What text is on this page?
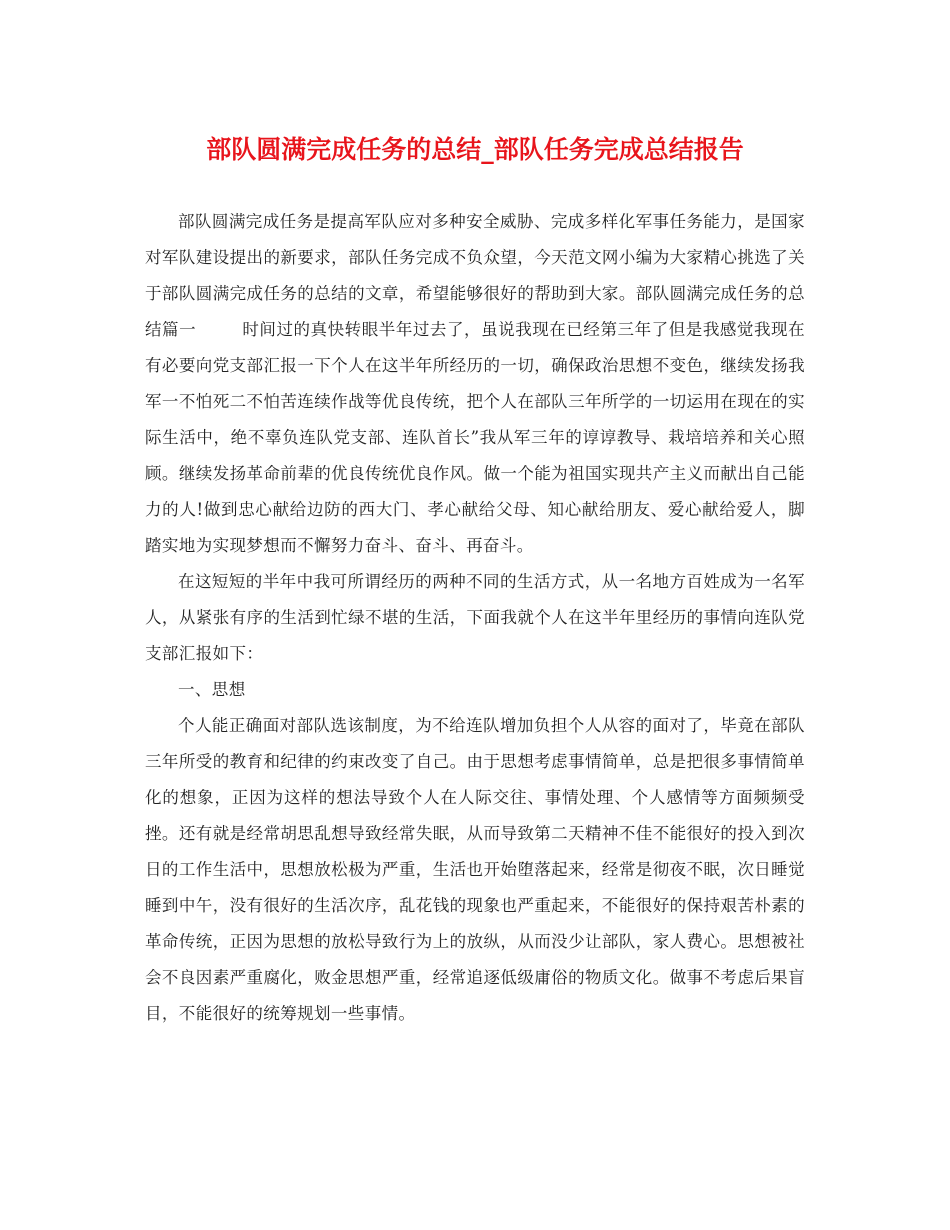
部队圆满完成任务的总结_部队任务完成总结报告

部队圆满完成任务是提高军队应对多种安全威胁、完成多样化军事任务能力，是国家对军队建设提出的新要求，部队任务完成不负众望，今天范文网小编为大家精心挑选了关于部队圆满完成任务的总结的文章，希望能够很好的帮助到大家。部队圆满完成任务的总结篇一	时间过的真快转眼半年过去了，虽说我现在已经第三年了但是我感觉我现在有必要向党支部汇报一下个人在这半年所经历的一切，确保政治思想不变色，继续发扬我军一不怕死二不怕苦连续作战等优良传统，把个人在部队三年所学的一切运用在现在的实际生活中，绝不辜负连队党支部、连队首长”我从军三年的谆谆教导、栽培培养和关心照顾。继续发扬革命前辈的优良传统优良作风。做一个能为祖国实现共产主义而献出自己能力的人!做到忠心献给边防的西大门、孝心献给父母、知心献给朋友、爱心献给爱人，脚踏实地为实现梦想而不懈努力奋斗、奋斗、再奋斗。

在这短短的半年中我可所谓经历的两种不同的生活方式，从一名地方百姓成为一名军人，从紧张有序的生活到忙绿不堪的生活，下面我就个人在这半年里经历的事情向连队党支部汇报如下：

一、思想

个人能正确面对部队选该制度，为不给连队增加负担个人从容的面对了，毕竟在部队三年所受的教育和纪律的约束改变了自己。由于思想考虑事情简单，总是把很多事情简单化的想象，正因为这样的想法导致个人在人际交往、事情处理、个人感情等方面频频受挫。还有就是经常胡思乱想导致经常失眠，从而导致第二天精神不佳不能很好的投入到次日的工作生活中，思想放松极为严重，生活也开始堕落起来，经常是彻夜不眠，次日睡觉睡到中午，没有很好的生活次序，乱花钱的现象也严重起来，不能很好的保持艰苦朴素的革命传统，正因为思想的放松导致行为上的放纵，从而没少让部队，家人费心。思想被社会不良因素严重腐化，败金思想严重，经常追逐低级庸俗的物质文化。做事不考虑后果盲目，不能很好的统筹规划一些事情。
